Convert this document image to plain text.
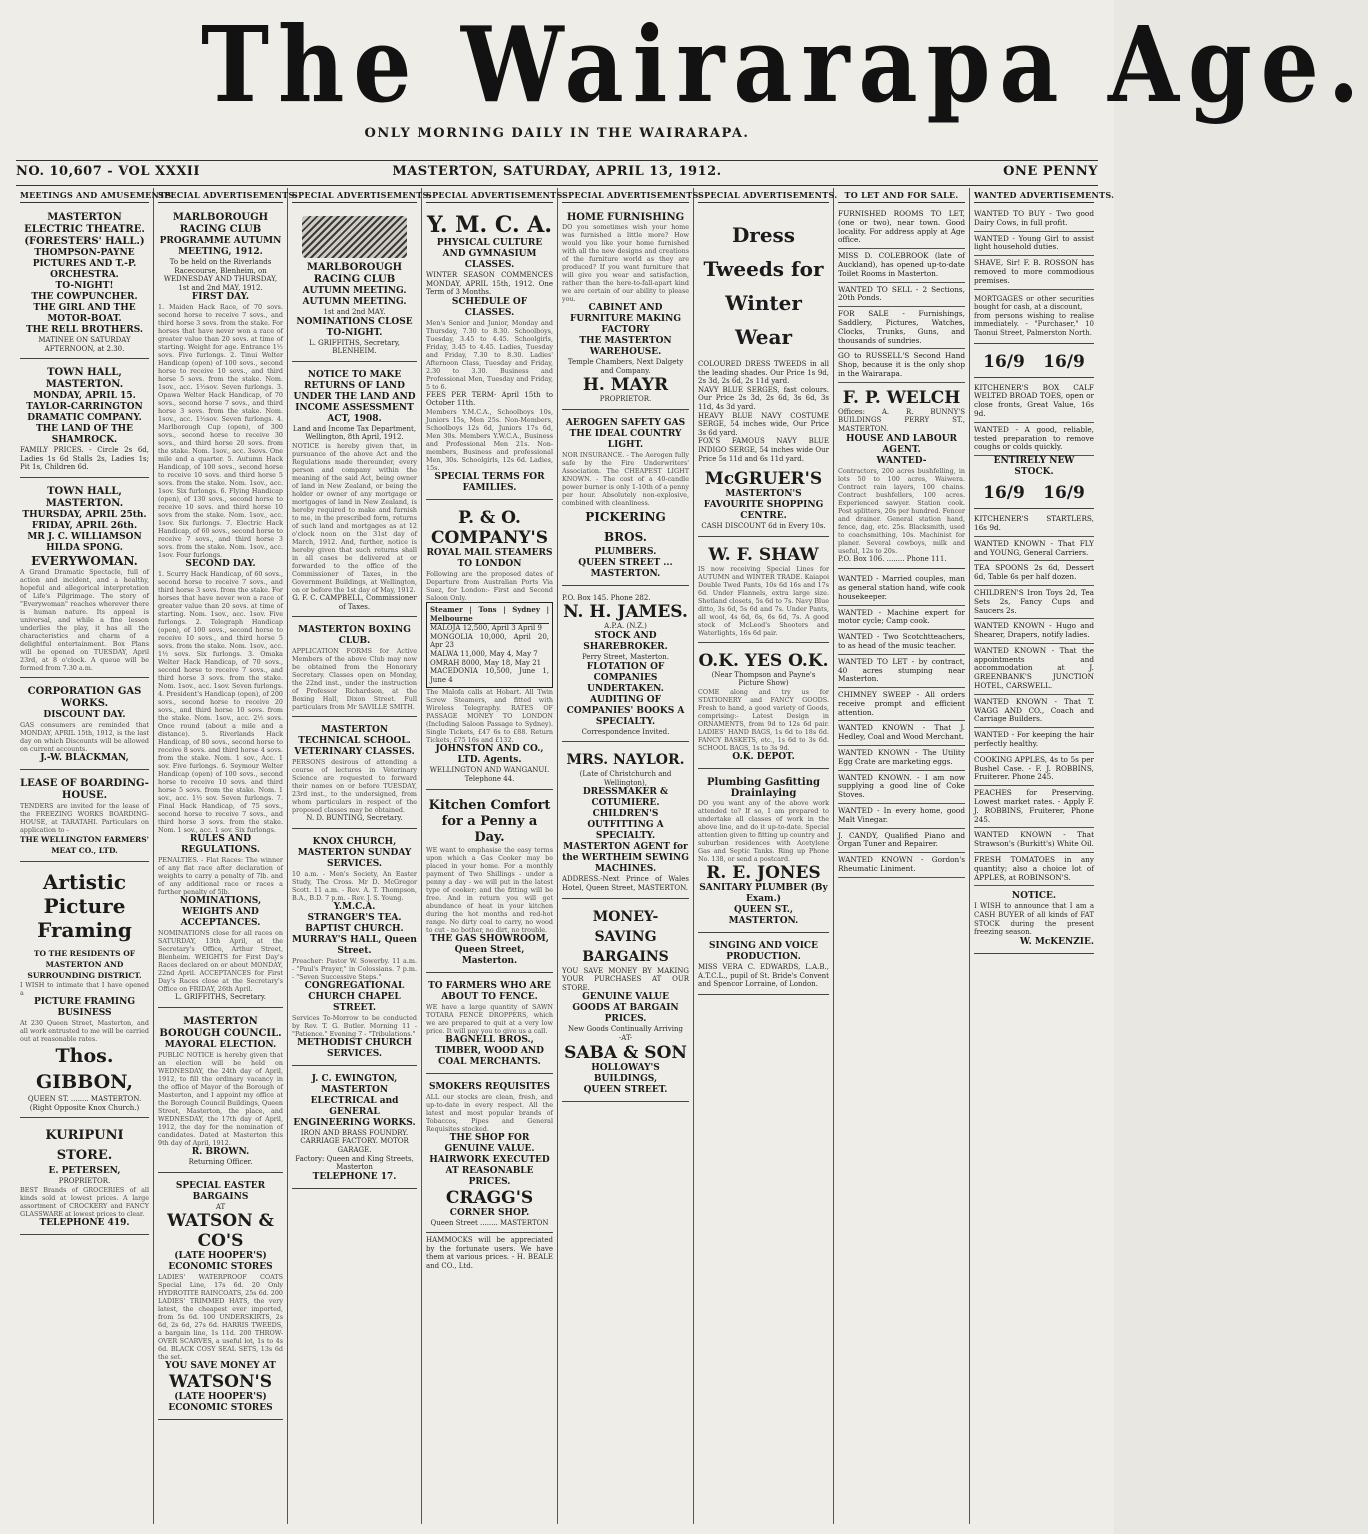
The Wairarapa Age.
ONLY MORNING DAILY IN THE WAIRARAPA.
NO. 10,607 - VOL XXXII	MASTERTON, SATURDAY, APRIL 13, 1912.	ONE PENNY
MEETINGS AND AMUSEMENTS.
MASTERTON ELECTRIC THEATRE. (FORESTERS' HALL.)
THOMPSON-PAYNE PICTURES AND T.-P. ORCHESTRA.
TO-NIGHT!
THE COWPUNCHER.
THE GIRL AND THE MOTOR-BOAT.
THE RELL BROTHERS.
MATINEE ON SATURDAY AFTERNOON, at 2.30.
TOWN HALL, MASTERTON.
MONDAY, APRIL 15.
TAYLOR-CARRINGTON DRAMATIC COMPANY.
THE LAND OF THE SHAMROCK.
FAMILY PRICES. - Circle 2s 6d, Ladies 1s 6d Stalls 2s, Ladies 1s; Pit 1s, Children 6d.
TOWN HALL, MASTERTON.
THURSDAY, APRIL 25th. FRIDAY, APRIL 26th.
MR J. C. WILLIAMSON
HILDA SPONG.
EVERYWOMAN.
A Grand Dramatic Spectacle, full of action and incident, and a healthy, hopeful and allegorical interpretation of Life's Pilgrimage. The story of "Everywoman" reaches wherever there is human nature. Its appeal is universal, and while a fine lesson underlies the play, it has all the characteristics and charm of a delightful entertainment. Box Plans will be opened on TUESDAY, April 23rd, at 8 o'clock. A queue will be formed from 7.30 a.m.
CORPORATION GAS WORKS.
DISCOUNT DAY.
GAS consumers are reminded that MONDAY, APRIL 15th, 1912, is the last day on which Discounts will be allowed on current accounts.
J.-W. BLACKMAN,
LEASE OF BOARDING-HOUSE.
TENDERS are invited for the lease of the FREEZING WORKS BOARDING-HOUSE, at TARATAHI. Particulars on application to -
THE WELLINGTON FARMERS' MEAT CO., LTD.
Artistic
Picture
Framing
TO THE RESIDENTS OF MASTERTON AND SURROUNDING DISTRICT.
I WISH to intimate that I have opened a
PICTURE FRAMING BUSINESS
At 230 Queen Street, Masterton, and all work entrusted to me will be carried out at reasonable rates.
Thos. GIBBON,
QUEEN ST. ........ MASTERTON.
(Right Opposite Knox Church.)
KURIPUNI STORE.
E. PETERSEN,
PROPRIETOR.
BEST Brands of GROCERIES of all kinds sold at lowest prices. A large assortment of CROCKERY and FANCY GLASSWARE at lowest prices to clear.
TELEPHONE 419.
SPECIAL ADVERTISEMENTS.
MARLBOROUGH RACING CLUB
PROGRAMME AUTUMN MEETING, 1912.
To be held on the Riverlands Racecourse, Blenheim, on WEDNESDAY AND THURSDAY, 1st and 2nd MAY, 1912.
FIRST DAY.
1. Maiden Hack Race, of 70 sovs. second horse to receive 7 sovs., and third horse 3 sovs. from the stake. For horses that have never won a race of greater value than 20 sovs. at time of starting. Weight for age. Entrance 1½ sovs. Five furlongs. 2. Tinui Welter Handicap (open) of 100 sovs., second horse to receive 10 sovs., and third horse 5 sovs. from the stake. Nom. 1sov., acc. 1½sov. Seven furlongs. 3. Opawa Welter Hack Handicap, of 70 sovs., second horse 7 sovs., and third horse 3 sovs. from the stake. Nom. 1sov., acc. 1½sov. Seven furlongs. 4. Marlborough Cup (open), of 300 sovs., second horse to receive 30 sovs., and third horse 20 sovs. from the stake. Nom. 1sov., acc. 3sovs. One mile and a quarter. 5. Autumn Hack Handicap, of 100 sovs., second horse to receive 10 sovs. and third horse 5 sovs. from the stake. Nom. 1sov., acc. 1sov. Six furlongs. 6. Flying Handicap (open), of 130 sovs., second horse to receive 10 sovs. and third horse 10 sovs from the stake. Nom. 1sov., acc. 1sov. Six furlongs. 7. Electric Hack Handicap, of 60 sovs., second horse to receive 7 sovs., and third horse 3 sovs. from the stake. Nom. 1sov., acc. 1sov. Four furlongs.
SECOND DAY.
1. Scurry Hack Handicap, of 60 sovs., second horse to receive 7 sovs., and third horse 3 sovs. from the stake. For horses that have never won a race of greater value than 20 sovs. at time of starting. Nom. 1sov., acc. 1sov. Five furlongs. 2. Telegraph Handicap (open), of 100 sovs., second horse to receive 10 sovs., and third horse 5 sovs. from the stake. Nom. 1sov., acc. 1½ sovs. Six furlongs. 3. Omaka Welter Hack Handicap, of 70 sovs., second horse to receive 7 sovs., and third horse 3 sovs. from the stake. Nom. 1sov., acc. 1sov. Seven furlongs. 4. President's Handicap (open), of 200 sovs., second horse to receive 20 sovs., and third horse 10 sovs. from the stake. Nom. 1sov., acc. 2½ sovs. Once round (about a mile and a distance). 5. Riverlands Hack Handicap, of 80 sovs., second horse to receive 8 sovs. and third horse 4 sovs. from the stake. Nom. 1 sov., Acc. 1 sov. Five furlongs. 6. Seymour Welter Handicap (open) of 100 sovs., second horse to receive 10 sovs. and third horse 5 sovs. from the stake. Nom. 1 sov., acc. 1½ sov. Seven furlongs. 7. Final Hack Handicap, of 75 sovs., second horse to receive 7 sovs., and third horse 3 sovs. from the stake. Nom. 1 sov., acc. 1 sov. Six furlongs.
RULES AND REGULATIONS.
PENALTIES. - Flat Races: The winner of any flat race after declaration of weights to carry a penalty of 7lb. and of any additional race or races a further penalty of 5lb.
NOMINATIONS, WEIGHTS AND ACCEPTANCES.
NOMINATIONS close for all races on SATURDAY, 13th April, at the Secretary's Office, Arthur Street, Blenheim. WEIGHTS for First Day's Races declared on or about MONDAY, 22nd April. ACCEPTANCES for First Day's Races close at the Secretary's Office on FRIDAY, 26th April.
L. GRIFFITHS, Secretary.
MASTERTON BOROUGH COUNCIL.
MAYORAL ELECTION.
PUBLIC NOTICE is hereby given that an election will be held on WEDNESDAY, the 24th day of April, 1912, to fill the ordinary vacancy in the office of Mayor of the Borough of Masterton, and I appoint my office at the Borough Council Buildings, Queen Street, Masterton, the place, and WEDNESDAY, the 17th day of April, 1912, the day for the nomination of candidates. Dated at Masterton this 9th day of April, 1912.
R. BROWN.
Returning Officer.
SPECIAL EASTER BARGAINS
AT
WATSON & CO'S
(LATE HOOPER'S)
ECONOMIC STORES
LADIES' WATERPROOF COATS Special Line, 17s 6d. 20 Only HYDROTITE RAINCOATS, 25s 6d. 200 LADIES' TRIMMED HATS, the very latest, the cheapest ever imported, from 5s 6d. 100 UNDERSKIRTS, 2s 6d, 2s 6d, 27s 6d. HARRIS TWEEDS, a bargain line, 1s 11d. 200 THROW-OVER SCARVES, a useful lot, 1s to 4s 6d. BLACK COSY SEAL SETS, 13s 6d the set.
YOU SAVE MONEY AT
WATSON'S
(LATE HOOPER'S)
ECONOMIC STORES
SPECIAL ADVERTISEMENTS.
MARLBOROUGH RACING CLUB
AUTUMN MEETING. AUTUMN MEETING.
1st and 2nd MAY.
NOMINATIONS CLOSE TO-NIGHT.
L. GRIFFITHS, Secretary, BLENHEIM.
NOTICE TO MAKE RETURNS OF LAND UNDER THE LAND AND INCOME ASSESSMENT ACT, 1908.
Land and Income Tax Department, Wellington, 8th April, 1912.
NOTICE is hereby given that, in pursuance of the above Act and the Regulations made thereunder, every person and company within the meaning of the said Act, being owner of land in New Zealand, or being the holder or owner of any mortgage or mortgages of land in New Zealand, is hereby required to make and furnish to me, in the prescribed form, returns of such land and mortgages as at 12 o'clock noon on the 31st day of March, 1912. And, further, notice is hereby given that such returns shall in all cases be delivered at or forwarded to the office of the Commissioner of Taxes, in the Government Buildings, at Wellington, on or before the 1st day of May, 1912.
G. F. C. CAMPBELL, Commissioner of Taxes.
MASTERTON BOXING CLUB.
APPLICATION FORMS for Active Members of the above Club may now be obtained from the Honorary Secretary. Classes open on Monday, the 22nd inst., under the instruction of Professor Richardson, at the Boxing Hall, Dixon Street. Full particulars from Mr SAVILLE SMITH.
MASTERTON TECHNICAL SCHOOL.
VETERINARY CLASSES.
PERSONS desirous of attending a course of lectures in Veterinary Science are requested to forward their names on or before TUESDAY, 23rd inst., to the undersigned, from whom particulars in respect of the proposed classes may be obtained.
N. D. BUNTING, Secretary.
KNOX CHURCH, MASTERTON SUNDAY SERVICES.
10 a.m. - Men's Society, An Easter Study, The Cross. Mr D. McGregor Scott. 11 a.m. - Rev. A. T. Thompson, B.A., B.D. 7 p.m. - Rev. J. S. Young.
Y.M.C.A.
STRANGER'S TEA.
BAPTIST CHURCH. MURRAY'S HALL, Queen Street.
Preacher: Pastor W. Sowerby. 11 a.m. - "Paul's Prayer," in Colossians. 7 p.m. - "Seven Successive Steps."
CONGREGATIONAL CHURCH CHAPEL STREET.
Services To-Morrow to be conducted by Rev. T. G. Butler. Morning 11 - "Patience." Evening 7 - "Tribulations."
METHODIST CHURCH SERVICES.
J. C. EWINGTON,
MASTERTON ELECTRICAL and GENERAL ENGINEERING WORKS.
IRON AND BRASS FOUNDRY. CARRIAGE FACTORY. MOTOR GARAGE.
Factory: Queen and King Streets, Masterton
TELEPHONE 17.
SPECIAL ADVERTISEMENTS.
Y. M. C. A.
PHYSICAL CULTURE AND GYMNASIUM CLASSES.
WINTER SEASON COMMENCES MONDAY, APRIL 15th, 1912. One Term of 3 Months.
SCHEDULE OF CLASSES.
Men's Senior and Junior, Monday and Thursday, 7.30 to 8.30. Schoolboys, Tuesday, 3.45 to 4.45. Schoolgirls, Friday, 3.45 to 4.45. Ladies, Tuesday and Friday, 7.30 to 8.30. Ladies' Afternoon Class, Tuesday and Friday, 2.30 to 3.30. Business and Professional Men, Tuesday and Friday, 5 to 6.
FEES PER TERM- April 15th to October 11th.
Members Y.M.C.A., Schoolboys 10s, Juniors 15s, Men 25s. Non-Members, Schoolboys 12s 6d, Juniors 17s 6d, Men 30s. Members Y.W.C.A., Business and Professional Men 21s. Non-members, Business and professional Men, 30s. Schoolgirls, 12s 6d. Ladies, 15s.
SPECIAL TERMS FOR FAMILIES.
P. & O. COMPANY'S
ROYAL MAIL STEAMERS TO LONDON
Following are the proposed dates of Departure from Australian Ports Via Suez, for London:- First and Second Saloon Only.
Steamer | Tons | Sydney | Melbourne
MALOJA 12,500, April 3 April 9
MONGOLIA 10,000, April 20, Apr 23
MALWA 11,000, May 4, May 7
OMRAH 8000, May 18, May 21
MACEDONIA 10,500, June 1, June 4
The Malofa calls at Hobart. All Twin Screw Steamers, and fitted with Wireless Telegraphy. RATES OF PASSAGE MONEY TO LONDON (Including Saloon Passage to Sydney). Single Tickets, £47 6s to £88. Return Tickets, £75 16s and £132.
JOHNSTON AND CO., LTD. Agents.
WELLINGTON AND WANGANUI. Telephone 44.
Kitchen Comfort for a Penny a Day.
WE want to emphasise the easy terms upon which a Gas Cooker may be placed in your home. For a monthly payment of Two Shillings - under a penny a day - we will put in the latest type of cooker; and the fitting will be free. And in return you will get abundance of heat in your kitchen during the hot months and red-hot range. No dirty coal to carry, no wood to cut - no bother, no dirt, no trouble.
THE GAS SHOWROOM, Queen Street, Masterton.
TO FARMERS WHO ARE ABOUT TO FENCE.
WE have a large quantity of SAWN TOTARA FENCE DROPPERS, which we are prepared to quit at a very low price. It will pay you to give us a call.
BAGNELL BROS., TIMBER, WOOD AND COAL MERCHANTS.
SMOKERS REQUISITES
ALL our stocks are clean, fresh, and up-to-date in every respect. All the latest and most popular brands of Tobaccos, Pipes and General Requisites stocked.
THE SHOP FOR GENUINE VALUE.
HAIRWORK EXECUTED AT REASONABLE PRICES.
CRAGG'S
CORNER SHOP.
Queen Street ........ MASTERTON
HAMMOCKS will be appreciated by the fortunate users. We have them at various prices. - H. BEALE and CO., Ltd.
SPECIAL ADVERTISEMENTS.
HOME FURNISHING
DO you sometimes wish your home was furnished a little more? How would you like your home furnished with all the new designs and creations of the furniture world as they are produced? If you want furniture that will give you wear and satisfaction, rather than the here-to-fall-apart kind we are certain of our ability to please you.
CABINET AND FURNITURE MAKING FACTORY
THE MASTERTON WAREHOUSE.
Temple Chambers, Next Dalgety and Company.
H. MAYR
PROPRIETOR.
AEROGEN SAFETY GAS
THE IDEAL COUNTRY LIGHT.
NOR INSURANCE. - The Aerogen fully safe by the Fire Underwriters' Association. The CHEAPEST LIGHT KNOWN. - The cost of a 40-candle power burner is only 1-10th of a penny per hour. Absolutely non-explosive, combined with cleanliness.
PICKERING BROS.
PLUMBERS.
QUEEN STREET ... MASTERTON.
P.O. Box 145. Phone 282.
N. H. JAMES.
A.P.A. (N.Z.)
STOCK AND SHAREBROKER.
Perry Street, Masterton.
FLOTATION OF COMPANIES UNDERTAKEN.
AUDITING OF COMPANIES' BOOKS A SPECIALTY.
Correspondence Invited.
MRS. NAYLOR.
(Late of Christchurch and Wellington),
DRESSMAKER & COTUMIERE.
CHILDREN'S OUTFITTING A SPECIALTY.
MASTERTON AGENT for the WERTHEIM SEWING MACHINES.
ADDRESS.-Next Prince of Wales Hotel, Queen Street, MASTERTON.
MONEY-SAVING BARGAINS
YOU SAVE MONEY BY MAKING YOUR PURCHASES AT OUR STORE.
GENUINE VALUE GOODS AT BARGAIN PRICES.
New Goods Continually Arriving
-AT-
SABA & SON
HOLLOWAY'S BUILDINGS,
QUEEN STREET.
SPECIAL ADVERTISEMENTS.
Dress Tweeds for Winter Wear
COLOURED DRESS TWEEDS in all the leading shades. Our Price 1s 9d, 2s 3d, 2s 6d, 2s 11d yard.
NAVY BLUE SERGES, fast colours. Our Price 2s 3d, 2s 6d, 3s 6d, 3s 11d, 4s 3d yard.
HEAVY BLUE NAVY COSTUME SERGE, 54 inches wide, Our Price 3s 6d yard.
FOX'S FAMOUS NAVY BLUE INDIGO SERGE, 54 inches wide Our Price 5s 11d and 6s 11d yard.
McGRUER'S
MASTERTON'S FAVOURITE SHOPPING CENTRE.
CASH DISCOUNT 6d in Every 10s.
W. F. SHAW
IS now receiving Special Lines for AUTUMN and WINTER TRADE. Kaiapoi Double Twed Pants, 10s 6d 16s and 17s 6d. Under Flannels, extra large size. Shetland closets, 5s 6d to 7s. Navy Blue ditto, 3s 6d, 5s 6d and 7s. Under Pants, all wool, 4s 6d, 6s, 6s 6d, 7s. A good stock of McLeod's Shooters and Waterlights, 16s 6d pair.
O.K. YES O.K.
(Near Thompson and Payne's Picture Show)
COME along and try us for STATIONERY and FANCY GOODS. Fresh to hand, a good variety of Goods, comprising:- Latest Design in ORNAMENTS, from 9d to 12s 6d pair. LADIES' HAND BAGS, 1s 6d to 18s 6d. FANCY BASKETS, etc., 1s 6d to 3s 6d. SCHOOL BAGS, 1s to 3s 9d.
O.K. DEPOT.
Plumbing Gasfitting Drainlaying
DO you want any of the above work attended to? If so, I am prepared to undertake all classes of work in the above line, and do it up-to-date. Special attention given to fitting up country and suburban residences with Acetylene Gas and Septic Tanks. Ring up Phone No. 138, or send a postcard.
R. E. JONES
SANITARY PLUMBER (By Exam.)
QUEEN ST., MASTERTON.
SINGING AND VOICE PRODUCTION.
MISS VERA C. EDWARDS, L.A.B., A.T.C.L., pupil of St. Bride's Convent and Spencor Lorraine, of London.
TO LET AND FOR SALE.
FURNISHED ROOMS TO LET, (one or two), near town. Good locality. For address apply at Age office.
MISS D. COLEBROOK (late of Auckland), has opened up-to-date Toilet Rooms in Masterton.
WANTED TO SELL - 2 Sections, 20th Ponds.
FOR SALE - Furnishings, Saddlery, Pictures, Watches, Clocks, Trunks, Guns, and thousands of sundries.
GO to RUSSELL'S Second Hand Shop, because it is the only shop in the Wairarapa.
F. P. WELCH
Offices: A. R. BUNNY'S BUILDINGS PERRY ST., MASTERTON.
HOUSE AND LABOUR AGENT.
WANTED-
Contractors, 200 acres bushfelling, in lots 50 to 100 acres, Waiwera. Contract rain layers, 100 chains. Contract bushfellers, 100 acres. Experienced sawyer. Station cook. Post splitters, 20s per hundred. Fencer and drainer. General station hand, fence, dag, etc. 25s. Blacksmith, used to coachsmithing, 10s. Machinist for planer. Several cowboys, milk and useful, 12s to 20s.
P.O. Box 106. ........ Phone 111.
WANTED - Married couples, man as general station hand, wife cook housekeeper.
WANTED - Machine expert for motor cycle; Camp cook.
WANTED - Two Scotchtteachers, to as head of the music teacher.
WANTED TO LET - by contract, 40 acres stumping near Masterton.
CHIMNEY SWEEP - All orders receive prompt and efficient attention.
WANTED KNOWN - That J. Hedley, Coal and Wood Merchant.
WANTED KNOWN - The Utility Egg Crate are marketing eggs.
WANTED KNOWN. - I am now supplying a good line of Coke Stoves.
WANTED - In every home, good Malt Vinegar.
J. CANDY, Qualified Piano and Organ Tuner and Repairer.
WANTED KNOWN - Gordon's Rheumatic Liniment.
WANTED ADVERTISEMENTS.
WANTED TO BUY - Two good Dairy Cows, in full profit.
WANTED - Young Girl to assist light household duties.
SHAVE, Sir! F. B. ROSSON has removed to more commodious premises.
MORTGAGES or other securities bought for cash, at a discount,
from persons wishing to realise immediately. - "Purchaser," 10 Taonui Street, Palmerston North.
16/9 16/9
KITCHENER'S BOX CALF WELTED BROAD TOES, open or close fronts, Great Value, 16s 9d.
WANTED - A good, reliable, tested preparation to remove coughs or colds quickly.
ENTIRELY NEW STOCK.
16/9 16/9
KITCHENER'S STARTLERS, 16s 9d.
WANTED KNOWN - That FLY and YOUNG, General Carriers.
TEA SPOONS 2s 6d, Dessert 6d, Table 6s per half dozen.
CHILDREN'S Iron Toys 2d, Tea Sets 2s, Fancy Cups and Saucers 2s.
WANTED KNOWN - Hugo and Shearer, Drapers, notify ladies.
WANTED KNOWN - That the appointments and accommodation at J. GREENBANK'S JUNCTION HOTEL, CARSWELL.
WANTED KNOWN - That T. WAGG AND CO., Coach and Carriage Builders.
WANTED - For keeping the hair perfectly healthy.
COOKING APPLES, 4s to 5s per Bushel Case. - F. J. ROBBINS, Fruiterer. Phone 245.
PEACHES for Preserving. Lowest market rates. - Apply F. J. ROBBINS, Fruiterer, Phone 245.
WANTED KNOWN - That Strawson's (Burkitt's) White Oil.
FRESH TOMATOES in any quantity; also a choice lot of APPLES, at ROBINSON'S.
NOTICE.
I WISH to announce that I am a CASH BUYER of all kinds of FAT STOCK during the present freezing season.
W. McKENZIE.
